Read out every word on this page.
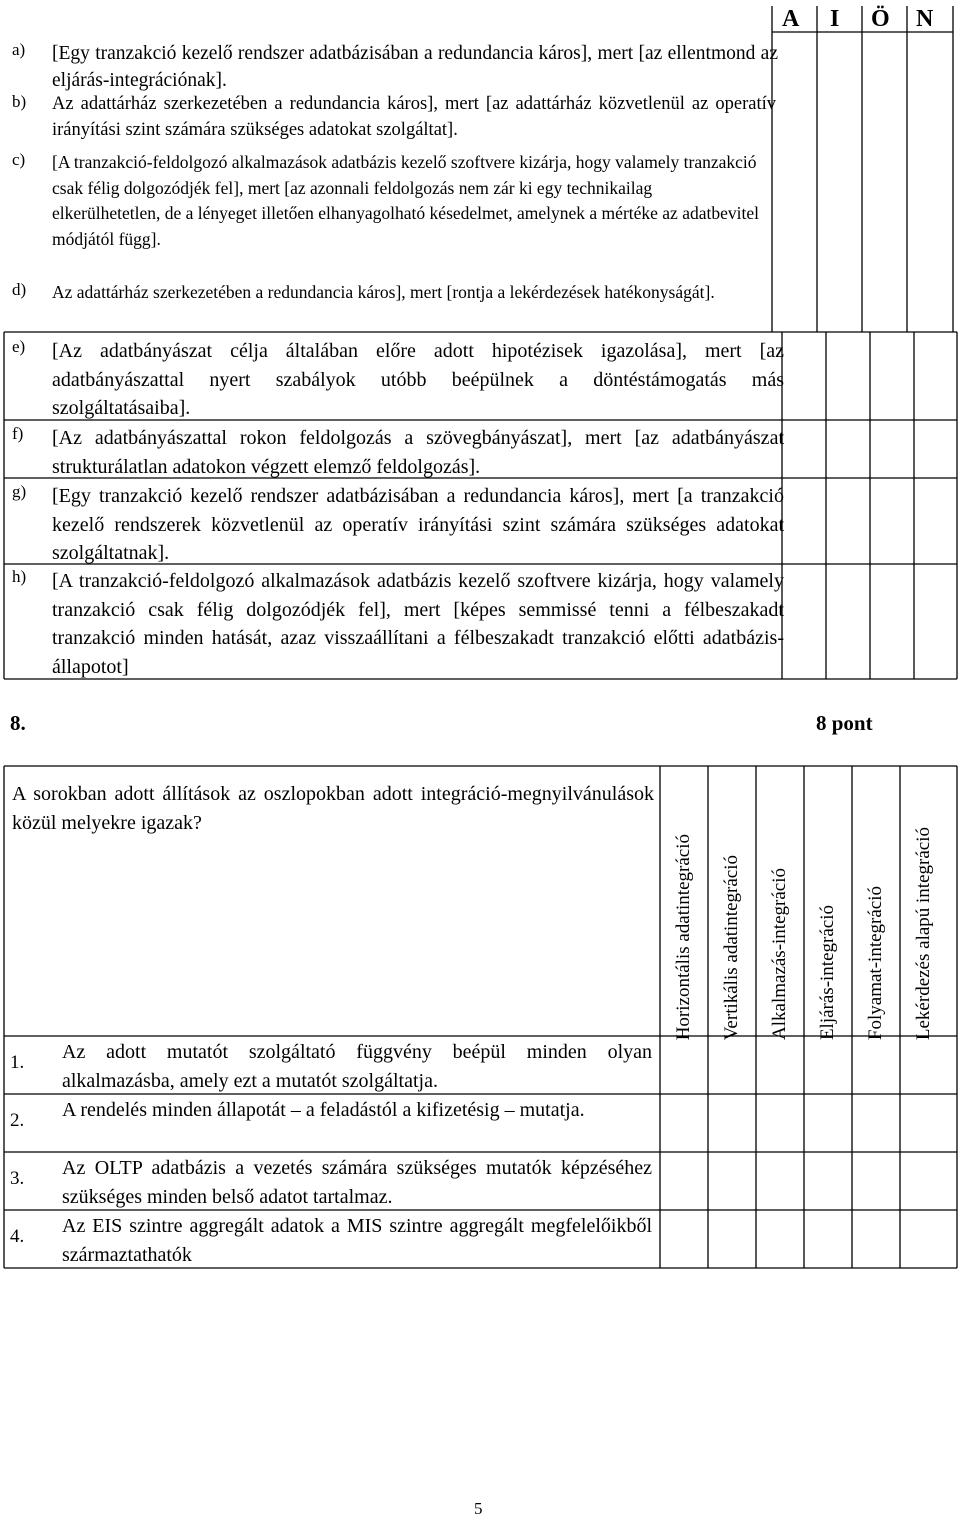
A I Ö N
a) [Egy tranzakció kezelő rendszer adatbázisában a redundancia káros], mert [az ellentmond az eljárás-integrációnak].
b) Az adattárház szerkezetében a redundancia káros], mert [az adattárház közvetlenül az operatív irányítási szint számára szükséges adatokat szolgáltat].
c) [A tranzakció-feldolgozó alkalmazások adatbázis kezelő szoftvere kizárja, hogy valamely tranzakció csak félig dolgozódjék fel], mert [az azonnali feldolgozás nem zár ki egy technikailag elkerülhetetlen, de a lényeget illetően elhanyagolható késedelmet, amelynek a mértéke az adatbevitel módjától függ].
d) Az adattárház szerkezetében a redundancia káros], mert [rontja a lekérdezések hatékonyságát].
e) [Az adatbányászat célja általában előre adott hipotézisek igazolása], mert [az adatbányászattal nyert szabályok utóbb beépülnek a döntéstámogatás más szolgáltatásaiba].
f) [Az adatbányászattal rokon feldolgozás a szövegbányászat], mert [az adatbányászat strukturálatlan adatokon végzett elemző feldolgozás].
g) [Egy tranzakció kezelő rendszer adatbázisában a redundancia káros], mert [a tranzakció kezelő rendszerek közvetlenül az operatív irányítási szint számára szükséges adatokat szolgáltatnak].
h) [A tranzakció-feldolgozó alkalmazások adatbázis kezelő szoftvere kizárja, hogy valamely tranzakció csak félig dolgozódjék fel], mert [képes semmissé tenni a félbeszakadt tranzakció minden hatását, azaz visszaállítani a félbeszakadt tranzakció előtti adatbázis-állapotot]
8.	8 pont
A sorokban adott állítások az oszlopokban adott integráció-megnyilvánulások közül melyekre igazak?
Horizontális adatintegráció Vertikális adatintegráció Alkalmazás-integráció Eljárás-integráció Folyamat-integráció Lekérdezés alapú integráció
1. Az adott mutatót szolgáltató függvény beépül minden olyan alkalmazásba, amely ezt a mutatót szolgáltatja.
2. A rendelés minden állapotát – a feladástól a kifizetésig – mutatja.
3. Az OLTP adatbázis a vezetés számára szükséges mutatók képzéséhez szükséges minden belső adatot tartalmaz.
4. Az EIS szintre aggregált adatok a MIS szintre aggregált megfelelőikből származtathatók
5
